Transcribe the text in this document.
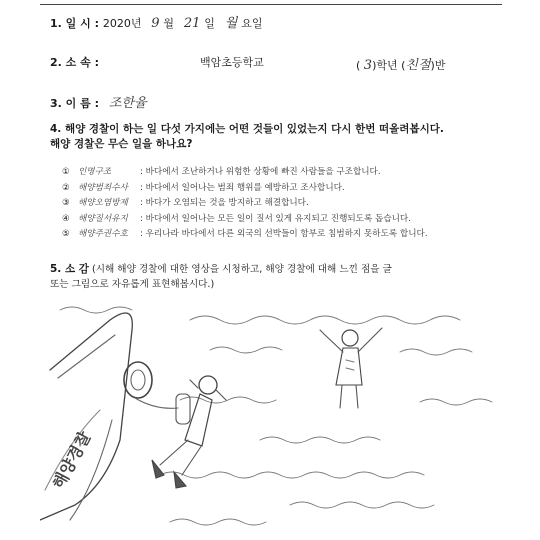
1. 일 시 : 2020년 9 월 21 일 월 요일
2. 소 속 :	백암초등학교	( 3)학년 (친절)반
3. 이 름 : 조한율
4. 해양 경찰이 하는 일 다섯 가지에는 어떤 것들이 있었는지 다시 한번 떠올려봅시다.
해양 경찰은 무슨 일을 하나요?
① 인명구조	: 바다에서 조난하거나 위험한 상황에 빠진 사람들을 구조합니다.
② 해양범죄수사	: 바다에서 일어나는 범죄 행위를 예방하고 조사합니다.
③ 해양오염방제	: 바다가 오염되는 것을 방지하고 해결합니다.
④ 해양질서유지	: 바다에서 일어나는 모든 일이 질서 있게 유지되고 진행되도록 돕습니다.
⑤ 해양주권수호	: 우리나라 바다에서 다른 외국의 선박들이 함부로 침범하지 못하도록 합니다.
5. 소 감 (시해 해양 경찰에 대한 영상을 시청하고, 해양 경찰에 대해 느낀 점을 글
또는 그림으로 자유롭게 표현해봅시다.)
해양경찰
